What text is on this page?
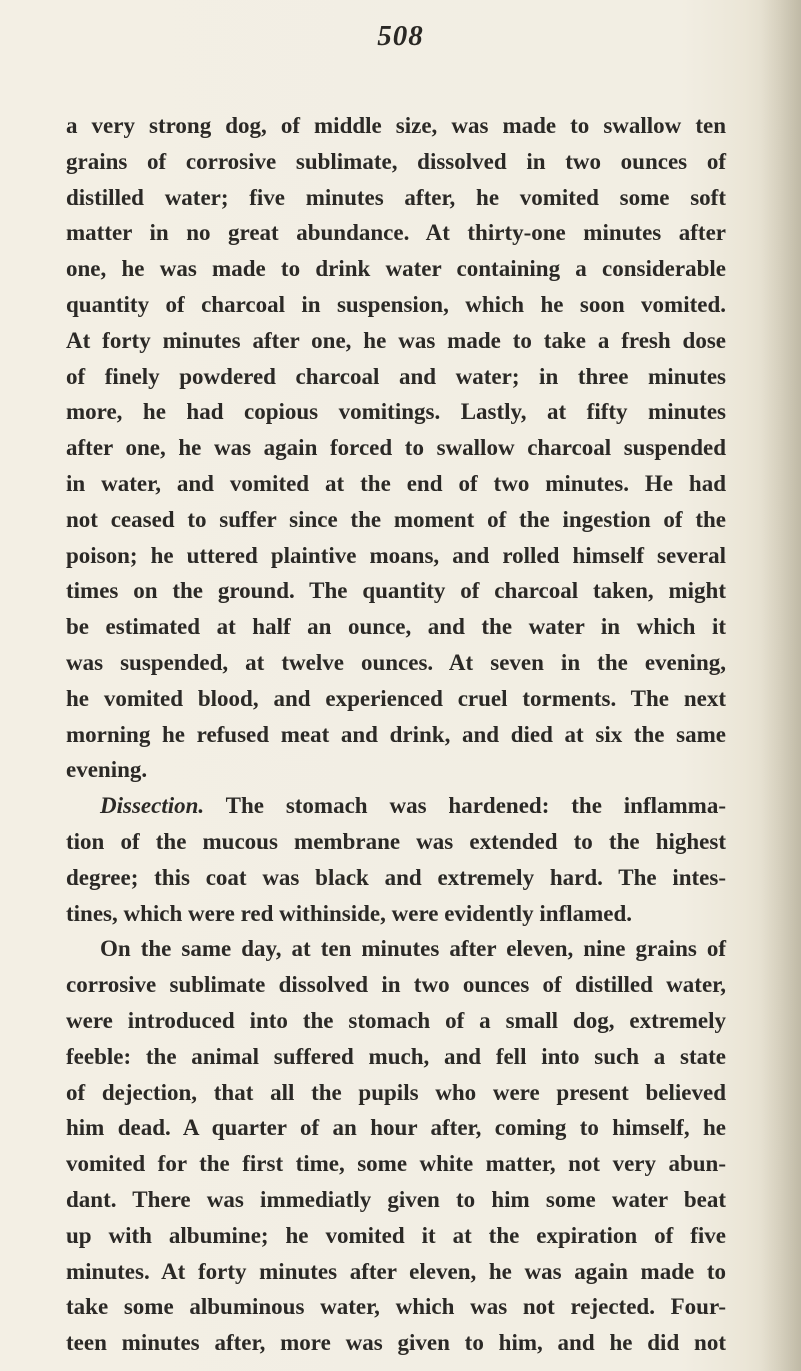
508
a very strong dog, of middle size, was made to swallow ten
grains of corrosive sublimate, dissolved in two ounces of
distilled water; five minutes after, he vomited some soft
matter in no great abundance. At thirty-one minutes after
one, he was made to drink water containing a considerable
quantity of charcoal in suspension, which he soon vomited.
At forty minutes after one, he was made to take a fresh dose
of finely powdered charcoal and water; in three minutes
more, he had copious vomitings. Lastly, at fifty minutes
after one, he was again forced to swallow charcoal suspended
in water, and vomited at the end of two minutes. He had
not ceased to suffer since the moment of the ingestion of the
poison; he uttered plaintive moans, and rolled himself several
times on the ground. The quantity of charcoal taken, might
be estimated at half an ounce, and the water in which it
was suspended, at twelve ounces. At seven in the evening,
he vomited blood, and experienced cruel torments. The next
morning he refused meat and drink, and died at six the same
evening.
Dissection. The stomach was hardened: the inflamma-
tion of the mucous membrane was extended to the highest
degree; this coat was black and extremely hard. The intes-
tines, which were red withinside, were evidently inflamed.
On the same day, at ten minutes after eleven, nine grains of
corrosive sublimate dissolved in two ounces of distilled water,
were introduced into the stomach of a small dog, extremely
feeble: the animal suffered much, and fell into such a state
of dejection, that all the pupils who were present believed
him dead. A quarter of an hour after, coming to himself, he
vomited for the first time, some white matter, not very abun-
dant. There was immediatly given to him some water beat
up with albumine; he vomited it at the expiration of five
minutes. At forty minutes after eleven, he was again made to
take some albuminous water, which was not rejected. Four-
teen minutes after, more was given to him, and he did not
